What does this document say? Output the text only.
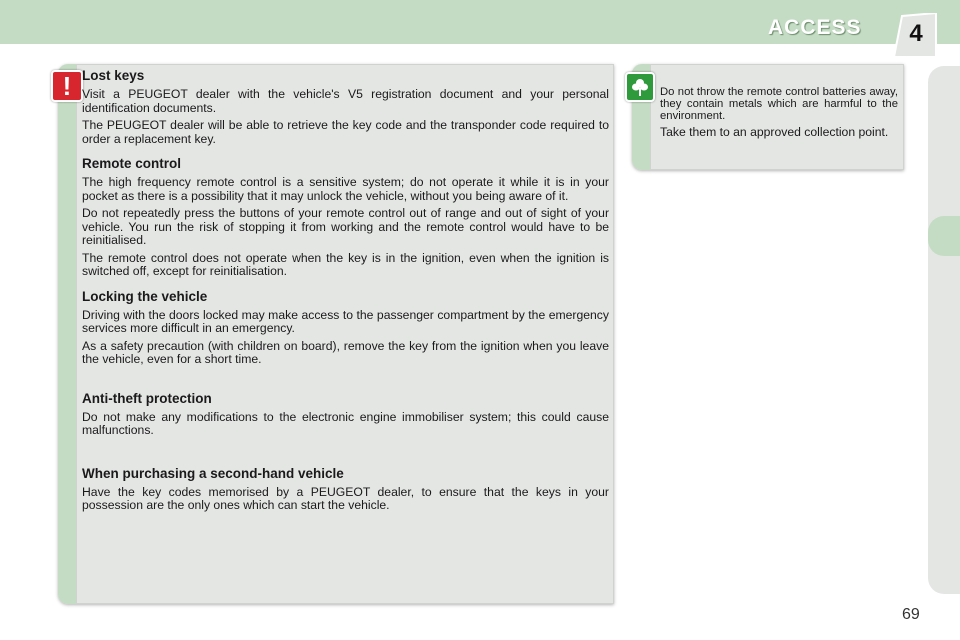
ACCESS	4
! Lost keys

Visit a PEUGEOT dealer with the vehicle's V5 registration document and your personal identification documents.

The PEUGEOT dealer will be able to retrieve the key code and the transponder code required to order a replacement key.

Remote control

The high frequency remote control is a sensitive system; do not operate it while it is in your pocket as there is a possibility that it may unlock the vehicle, without you being aware of it.

Do not repeatedly press the buttons of your remote control out of range and out of sight of your vehicle. You run the risk of stopping it from working and the remote control would have to be reinitialised.

The remote control does not operate when the key is in the ignition, even when the ignition is switched off, except for reinitialisation.

Locking the vehicle

Driving with the doors locked may make access to the passenger compartment by the emergency services more difficult in an emergency.

As a safety precaution (with children on board), remove the key from the ignition when you leave the vehicle, even for a short time.

Anti-theft protection

Do not make any modifications to the electronic engine immobiliser system; this could cause malfunctions.

When purchasing a second-hand vehicle

Have the key codes memorised by a PEUGEOT dealer, to ensure that the keys in your possession are the only ones which can start the vehicle.

Do not throw the remote control batteries away, they contain metals which are harmful to the environment.

Take them to an approved collection point.

69
